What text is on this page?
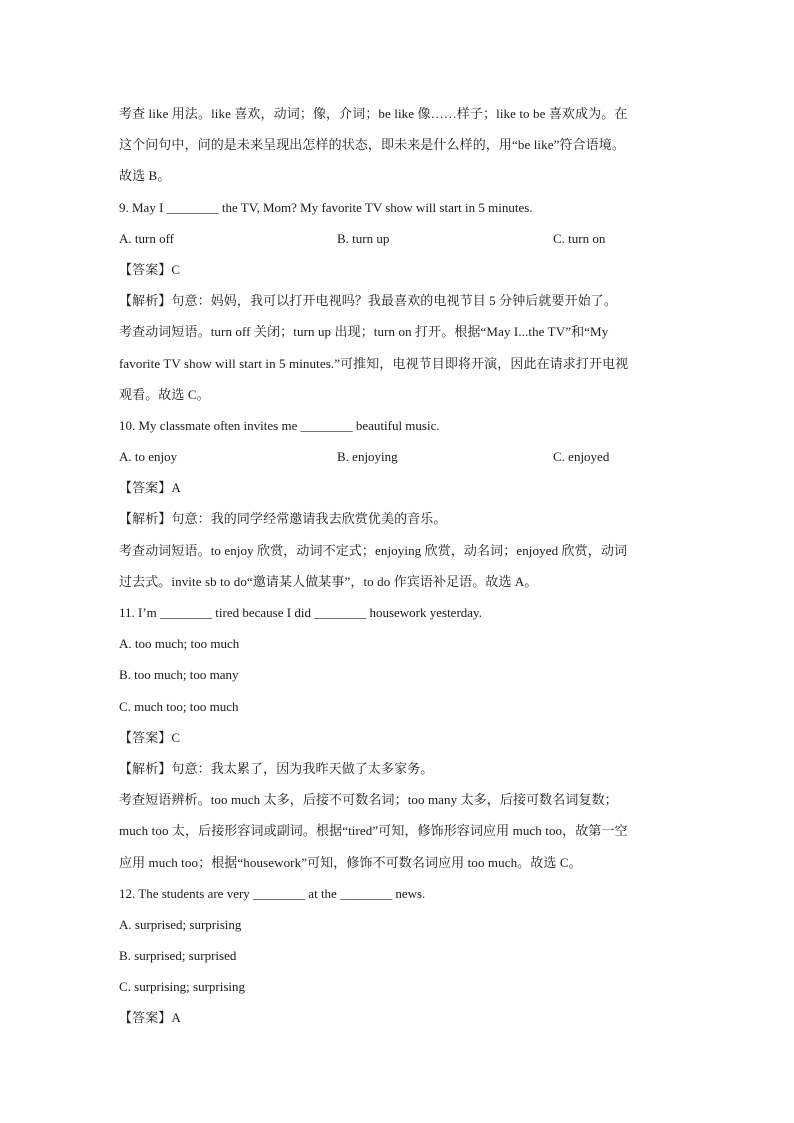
考查 like 用法。like 喜欢，动词；像，介词；be like 像……样子；like to be 喜欢成为。在
这个问句中，问的是未来呈现出怎样的状态，即未来是什么样的，用“be like”符合语境。
故选 B。
9. May I ________ the TV, Mom? My favorite TV show will start in 5 minutes.
A. turn off	B. turn up	C. turn on
【答案】C
【解析】句意：妈妈，我可以打开电视吗？我最喜欢的电视节目 5 分钟后就要开始了。
考查动词短语。turn off 关闭；turn up 出现；turn on 打开。根据“May I...the TV”和“My
favorite TV show will start in 5 minutes.”可推知，电视节目即将开演，因此在请求打开电视
观看。故选 C。
10. My classmate often invites me ________ beautiful music.
A. to enjoy	B. enjoying	C. enjoyed
【答案】A
【解析】句意：我的同学经常邀请我去欣赏优美的音乐。
考查动词短语。to enjoy 欣赏，动词不定式；enjoying 欣赏，动名词；enjoyed 欣赏，动词
过去式。invite sb to do“邀请某人做某事”，to do 作宾语补足语。故选 A。
11. I’m ________ tired because I did ________ housework yesterday.
A. too much; too much
B. too much; too many
C. much too; too much
【答案】C
【解析】句意：我太累了，因为我昨天做了太多家务。
考查短语辨析。too much 太多，后接不可数名词；too many 太多，后接可数名词复数；
much too 太，后接形容词或副词。根据“tired”可知，修饰形容词应用 much too，故第一空
应用 much too；根据“housework”可知，修饰不可数名词应用 too much。故选 C。
12. The students are very ________ at the ________ news.
A. surprised; surprising
B. surprised; surprised
C. surprising; surprising
【答案】A
